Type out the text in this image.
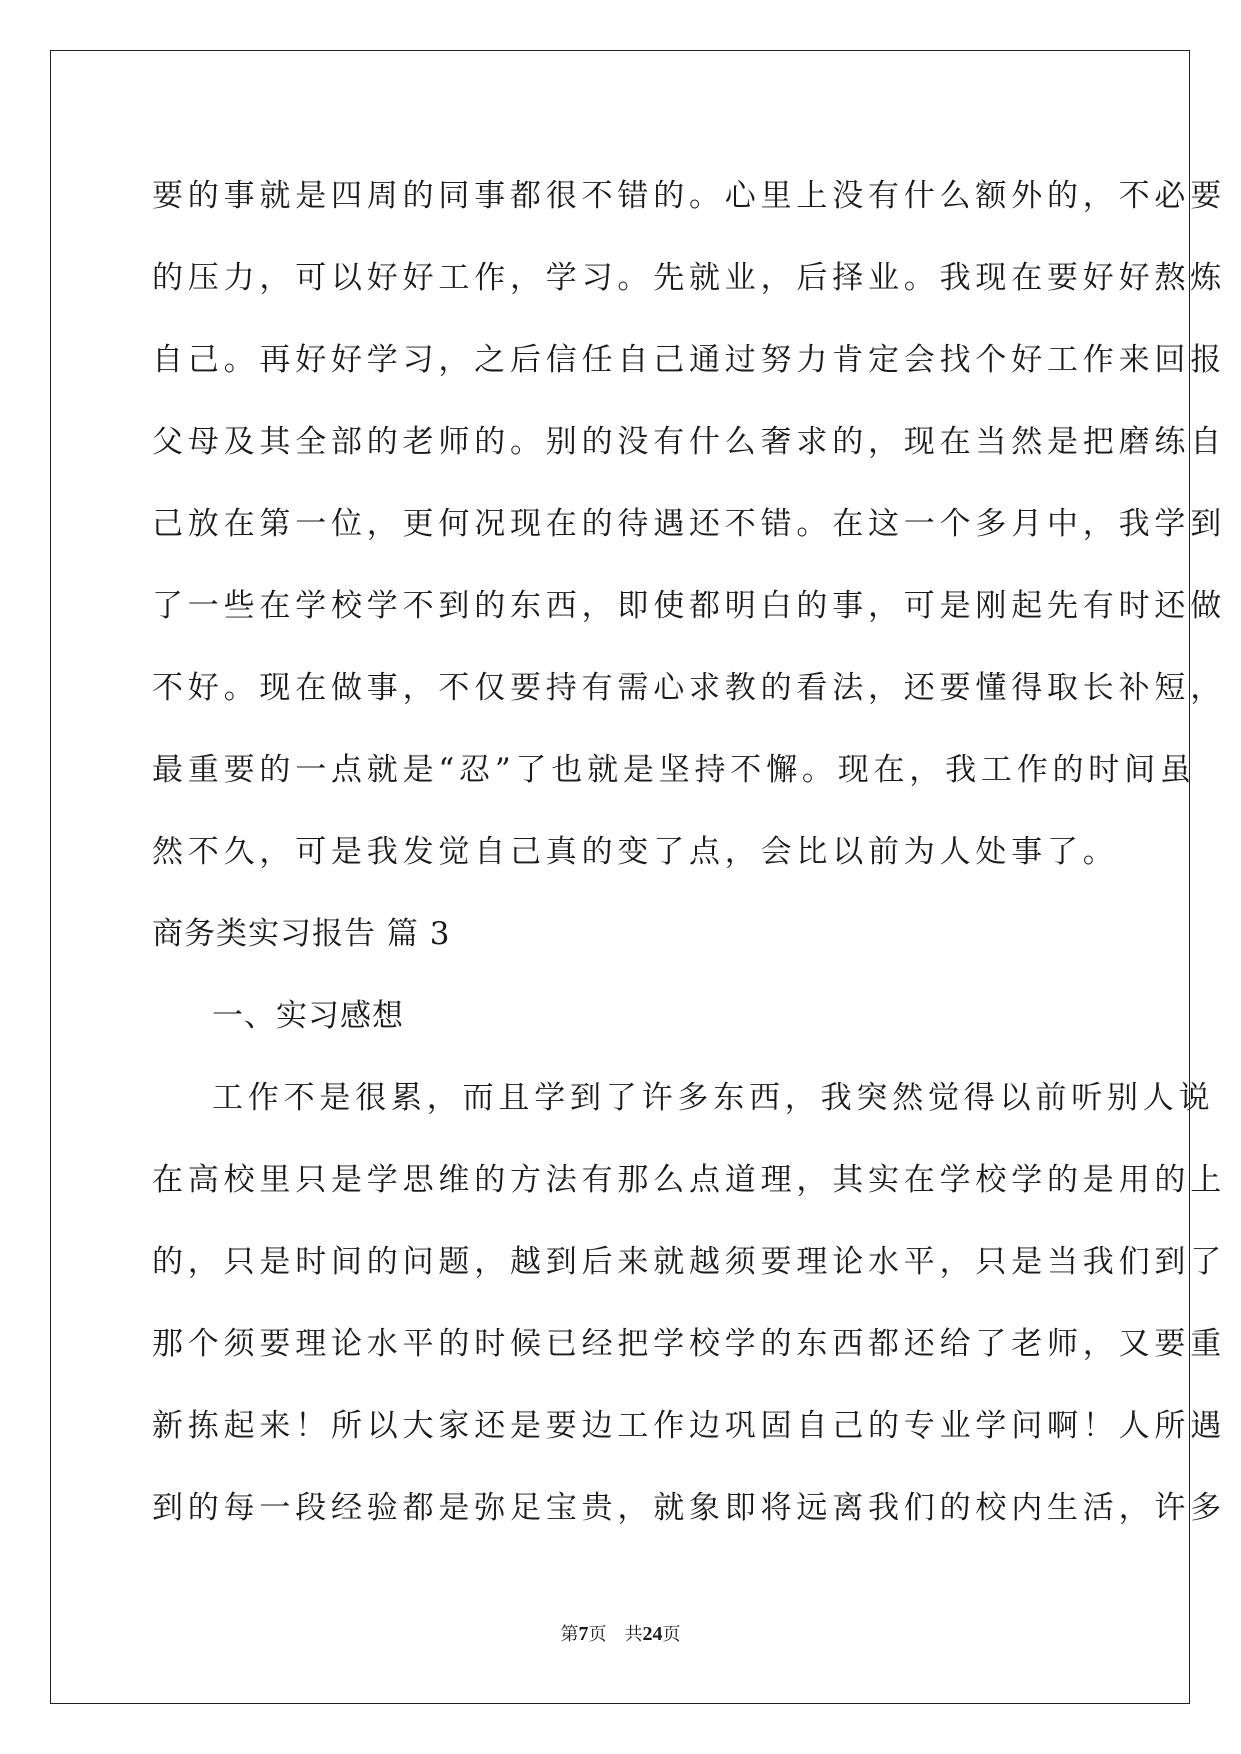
要的事就是四周的同事都很不错的。心里上没有什么额外的，不必要
的压力，可以好好工作，学习。先就业，后择业。我现在要好好熬炼
自己。再好好学习，之后信任自己通过努力肯定会找个好工作来回报
父母及其全部的老师的。别的没有什么奢求的，现在当然是把磨练自
己放在第一位，更何况现在的待遇还不错。在这一个多月中，我学到
了一些在学校学不到的东西，即使都明白的事，可是刚起先有时还做
不好。现在做事，不仅要持有需心求教的看法，还要懂得取长补短，
最重要的一点就是“忍”了也就是坚持不懈。现在，我工作的时间虽
然不久，可是我发觉自己真的变了点，会比以前为人处事了。
商务类实习报告 篇 3
一、实习感想
工作不是很累，而且学到了许多东西，我突然觉得以前听别人说
在高校里只是学思维的方法有那么点道理，其实在学校学的是用的上
的，只是时间的问题，越到后来就越须要理论水平，只是当我们到了
那个须要理论水平的时候已经把学校学的东西都还给了老师，又要重
新拣起来！所以大家还是要边工作边巩固自己的专业学问啊！人所遇
到的每一段经验都是弥足宝贵，就象即将远离我们的校内生活，许多
第7页　共24页
